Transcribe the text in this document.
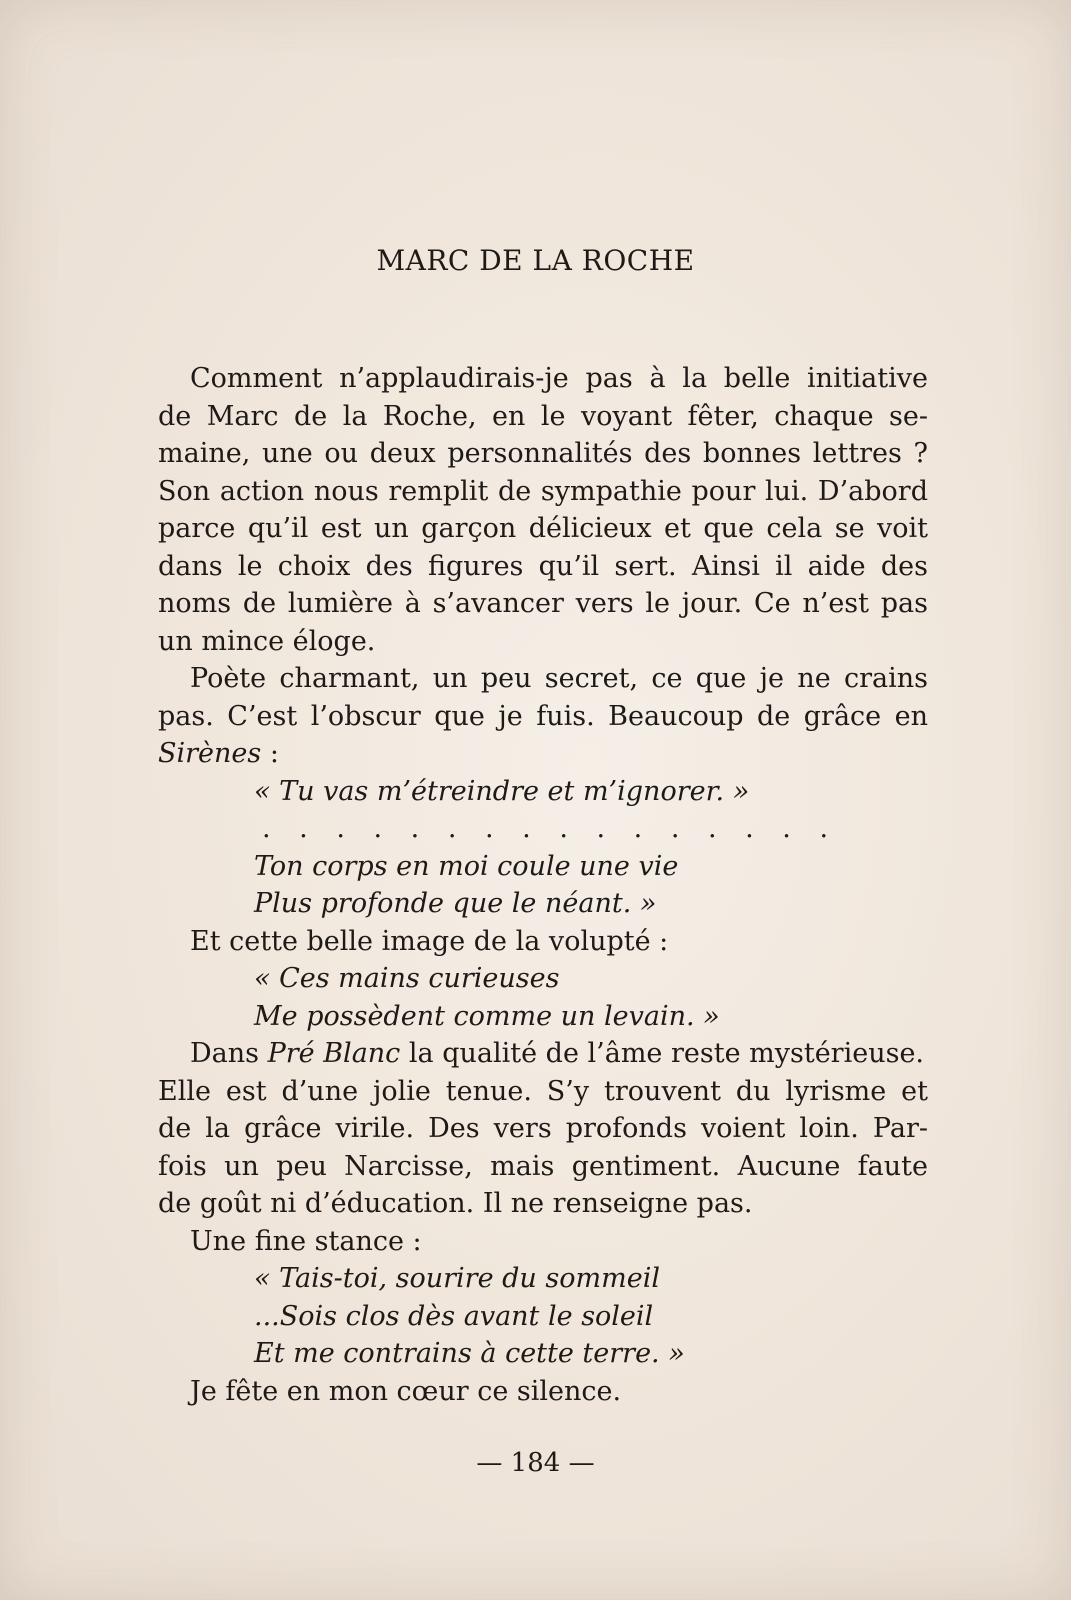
MARC DE LA ROCHE
Comment n’applaudirais-je pas à la belle initiative
de Marc de la Roche, en le voyant fêter, chaque se-
maine, une ou deux personnalités des bonnes lettres ?
Son action nous remplit de sympathie pour lui. D’abord
parce qu’il est un garçon délicieux et que cela se voit
dans le choix des figures qu’il sert. Ainsi il aide des
noms de lumière à s’avancer vers le jour. Ce n’est pas
un mince éloge.
Poète charmant, un peu secret, ce que je ne crains
pas. C’est l’obscur que je fuis. Beaucoup de grâce en
Sirènes :
« Tu vas m’étreindre et m’ignorer. »
. . . . . . . . . . . . . . . .
Ton corps en moi coule une vie
Plus profonde que le néant. »
Et cette belle image de la volupté :
« Ces mains curieuses
Me possèdent comme un levain. »
Dans Pré Blanc la qualité de l’âme reste mystérieuse.
Elle est d’une jolie tenue. S’y trouvent du lyrisme et
de la grâce virile. Des vers profonds voient loin. Par-
fois un peu Narcisse, mais gentiment. Aucune faute
de goût ni d’éducation. Il ne renseigne pas.
Une fine stance :
« Tais-toi, sourire du sommeil
...Sois clos dès avant le soleil
Et me contrains à cette terre. »
Je fête en mon cœur ce silence.
— 184 —
